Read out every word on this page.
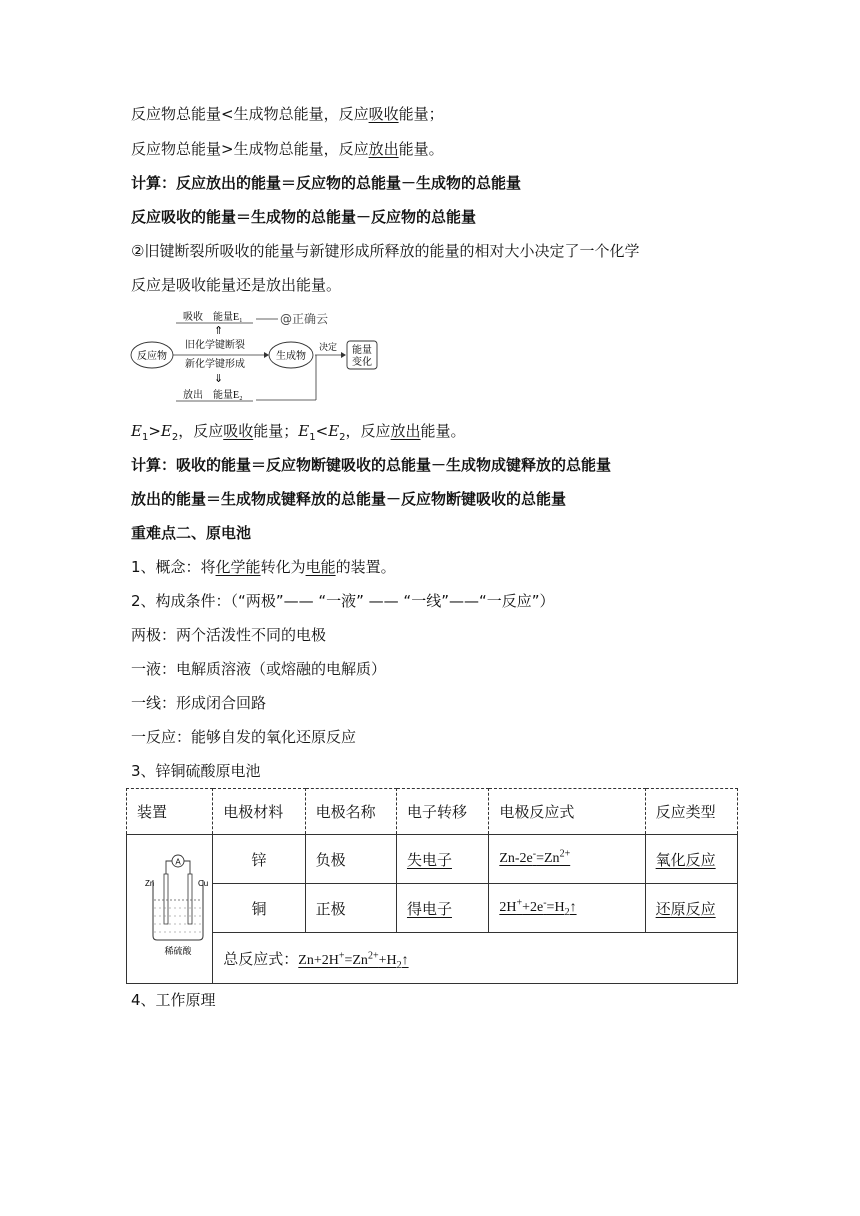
反应物总能量<生成物总能量，反应吸收能量；
反应物总能量>生成物总能量，反应放出能量。
计算：反应放出的能量＝反应物的总能量－生成物的总能量
反应吸收的能量＝生成物的总能量－反应物的总能量
②旧键断裂所吸收的能量与新键形成所释放的能量的相对大小决定了一个化学
反应是吸收能量还是放出能量。
吸收　能量E₁	@正确云
⇑
旧化学键断裂
新化学键形成
⇓
放出　能量E₂
反应物	生成物
决定 能量
变化
$E_1>E_2$，反应吸收能量；$E_1<E_2$，反应放出能量。
计算：吸收的能量＝反应物断键吸收的总能量－生成物成键释放的总能量
放出的能量＝生成物成键释放的总能量－反应物断键吸收的总能量
重难点二、原电池
1、概念：将化学能转化为电能的装置。
2、构成条件：（“两极”—— “一液” —— “一线”——“一反应”）
两极：两个活泼性不同的电极
一液：电解质溶液（或熔融的电解质）
一线：形成闭合回路
一反应：能够自发的氧化还原反应
3、锌铜硫酸原电池
装置	电极材料	电极名称	电子转移	电极反应式	反应类型
	锌	负极	失电子	$Zn-2e^-=Zn^{2+}$	氧化反应
	铜	正极	得电子	$2H^++2e^-=H_2↑$	还原反应
	总反应式：$Zn+2H^+=Zn^{2+}+H_2↑$				
A
Zn	Cu
稀硫酸
4、工作原理
